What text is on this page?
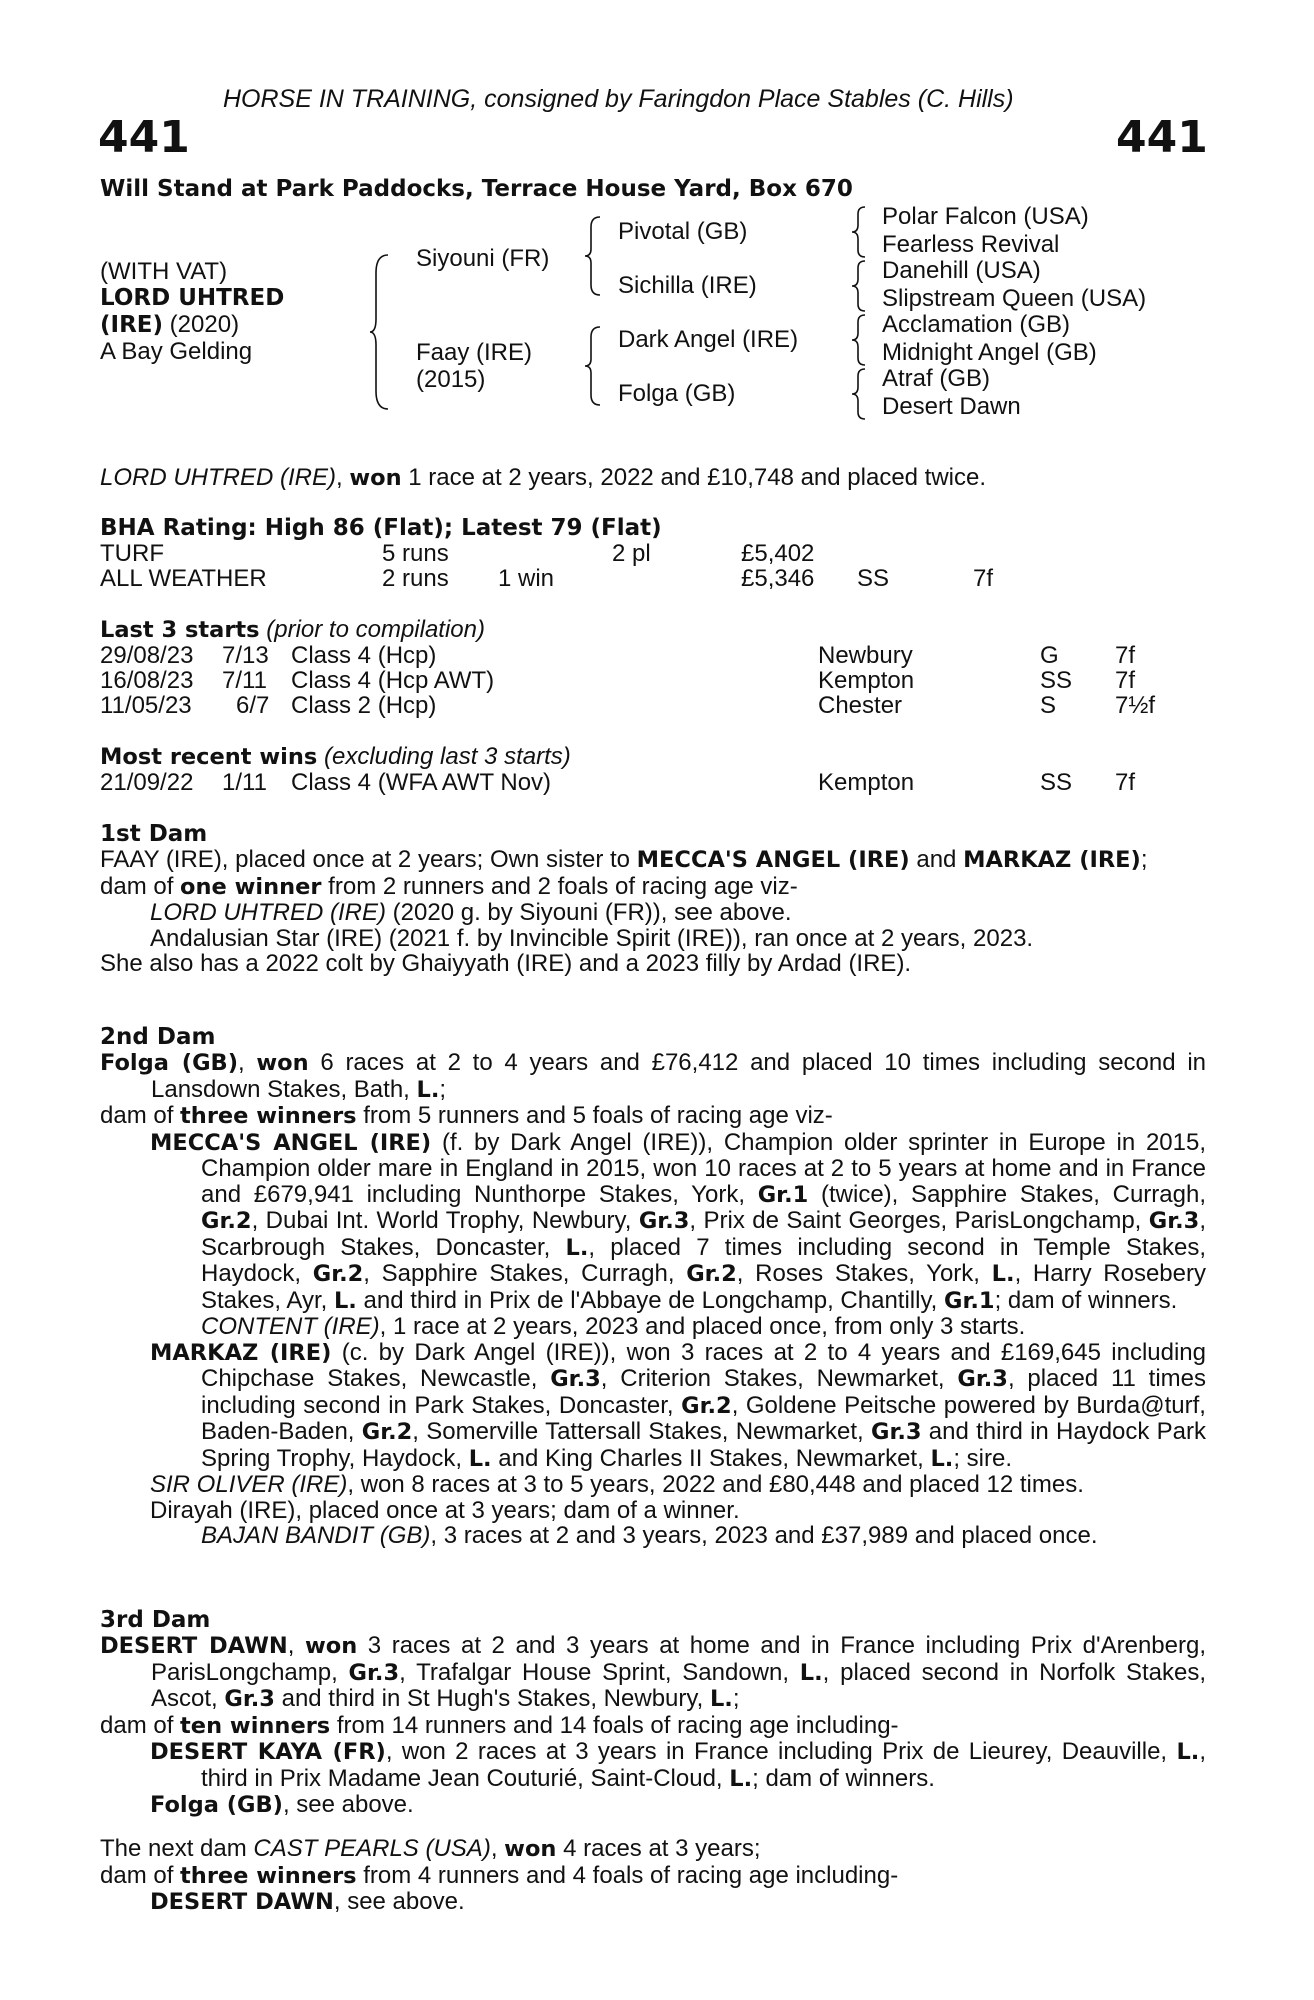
HORSE IN TRAINING, consigned by Faringdon Place Stables (C. Hills)
441	441
Will Stand at Park Paddocks, Terrace House Yard, Box 670
(WITH VAT)
LORD UHTRED
(IRE) (2020)
A Bay Gelding
Siyouni (FR)
Faay (IRE)
(2015)
Pivotal (GB)
Sichilla (IRE)
Dark Angel (IRE)
Folga (GB)
Polar Falcon (USA)
Fearless Revival
Danehill (USA)
Slipstream Queen (USA)
Acclamation (GB)
Midnight Angel (GB)
Atraf (GB)
Desert Dawn
LORD UHTRED (IRE), won 1 race at 2 years, 2022 and £10,748 and placed twice.
BHA Rating: High 86 (Flat); Latest 79 (Flat)
TURF	5 runs	2 pl	£5,402
ALL WEATHER	2 runs 1 win	£5,346 SS	7f
Last 3 starts (prior to compilation)
29/08/23 7/13 Class 4 (Hcp)	Newbury	G 7f
16/08/23 7/11 Class 4 (Hcp AWT)	Kempton	SS 7f
11/05/23 6/7 Class 2 (Hcp)	Chester	S 7½f
Most recent wins (excluding last 3 starts)
21/09/22 1/11 Class 4 (WFA AWT Nov)	Kempton	SS 7f
1st Dam
FAAY (IRE), placed once at 2 years; Own sister to MECCA'S ANGEL (IRE) and MARKAZ (IRE);
dam of one winner from 2 runners and 2 foals of racing age viz-
LORD UHTRED (IRE) (2020 g. by Siyouni (FR)), see above.
Andalusian Star (IRE) (2021 f. by Invincible Spirit (IRE)), ran once at 2 years, 2023.
She also has a 2022 colt by Ghaiyyath (IRE) and a 2023 filly by Ardad (IRE).
2nd Dam
Folga (GB), won 6 races at 2 to 4 years and £76,412 and placed 10 times including second in Lansdown Stakes, Bath, L.;
dam of three winners from 5 runners and 5 foals of racing age viz-
MECCA'S ANGEL (IRE) (f. by Dark Angel (IRE)), Champion older sprinter in Europe in 2015, Champion older mare in England in 2015, won 10 races at 2 to 5 years at home and in France and £679,941 including Nunthorpe Stakes, York, Gr.1 (twice), Sapphire Stakes, Curragh, Gr.2, Dubai Int. World Trophy, Newbury, Gr.3, Prix de Saint Georges, ParisLongchamp, Gr.3, Scarbrough Stakes, Doncaster, L., placed 7 times including second in Temple Stakes, Haydock, Gr.2, Sapphire Stakes, Curragh, Gr.2, Roses Stakes, York, L., Harry Rosebery Stakes, Ayr, L. and third in Prix de l'Abbaye de Longchamp, Chantilly, Gr.1; dam of winners.
CONTENT (IRE), 1 race at 2 years, 2023 and placed once, from only 3 starts.
MARKAZ (IRE) (c. by Dark Angel (IRE)), won 3 races at 2 to 4 years and £169,645 including Chipchase Stakes, Newcastle, Gr.3, Criterion Stakes, Newmarket, Gr.3, placed 11 times including second in Park Stakes, Doncaster, Gr.2, Goldene Peitsche powered by Burda@turf, Baden-Baden, Gr.2, Somerville Tattersall Stakes, Newmarket, Gr.3 and third in Haydock Park Spring Trophy, Haydock, L. and King Charles II Stakes, Newmarket, L.; sire.
SIR OLIVER (IRE), won 8 races at 3 to 5 years, 2022 and £80,448 and placed 12 times.
Dirayah (IRE), placed once at 3 years; dam of a winner.
BAJAN BANDIT (GB), 3 races at 2 and 3 years, 2023 and £37,989 and placed once.
3rd Dam
DESERT DAWN, won 3 races at 2 and 3 years at home and in France including Prix d'Arenberg, ParisLongchamp, Gr.3, Trafalgar House Sprint, Sandown, L., placed second in Norfolk Stakes, Ascot, Gr.3 and third in St Hugh's Stakes, Newbury, L.;
dam of ten winners from 14 runners and 14 foals of racing age including-
DESERT KAYA (FR), won 2 races at 3 years in France including Prix de Lieurey, Deauville, L., third in Prix Madame Jean Couturié, Saint-Cloud, L.; dam of winners.
Folga (GB), see above.
The next dam CAST PEARLS (USA), won 4 races at 3 years;
dam of three winners from 4 runners and 4 foals of racing age including-
DESERT DAWN, see above.
